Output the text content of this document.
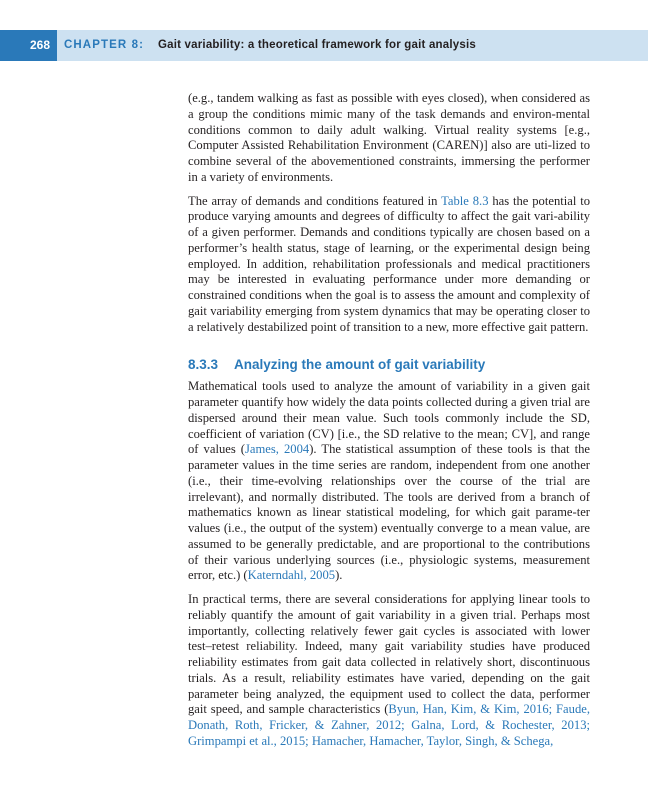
268	CHAPTER 8: Gait variability: a theoretical framework for gait analysis

(e.g., tandem walking as fast as possible with eyes closed), when considered as a group the conditions mimic many of the task demands and environ-mental conditions common to daily adult walking. Virtual reality systems [e.g., Computer Assisted Rehabilitation Environment (CAREN)] also are uti-lized to combine several of the abovementioned constraints, immersing the performer in a variety of environments.

The array of demands and conditions featured in Table 8.3 has the potential to produce varying amounts and degrees of difficulty to affect the gait vari-ability of a given performer. Demands and conditions typically are chosen based on a performer’s health status, stage of learning, or the experimental design being employed. In addition, rehabilitation professionals and medical practitioners may be interested in evaluating performance under more demanding or constrained conditions when the goal is to assess the amount and complexity of gait variability emerging from system dynamics that may be operating closer to a relatively destabilized point of transition to a new, more effective gait pattern.

8.3.3 Analyzing the amount of gait variability

Mathematical tools used to analyze the amount of variability in a given gait parameter quantify how widely the data points collected during a given trial are dispersed around their mean value. Such tools commonly include the SD, coefficient of variation (CV) [i.e., the SD relative to the mean; CV], and range of values (James, 2004). The statistical assumption of these tools is that the parameter values in the time series are random, independent from one another (i.e., their time-evolving relationships over the course of the trial are irrelevant), and normally distributed. The tools are derived from a branch of mathematics known as linear statistical modeling, for which gait parame-ter values (i.e., the output of the system) eventually converge to a mean value, are assumed to be generally predictable, and are proportional to the contributions of their various underlying sources (i.e., physiologic systems, measurement error, etc.) (Katerndahl, 2005).

In practical terms, there are several considerations for applying linear tools to reliably quantify the amount of gait variability in a given trial. Perhaps most importantly, collecting relatively fewer gait cycles is associated with lower test–retest reliability. Indeed, many gait variability studies have produced reliability estimates from gait data collected in relatively short, discontinuous trials. As a result, reliability estimates have varied, depending on the gait parameter being analyzed, the equipment used to collect the data, performer gait speed, and sample characteristics (Byun, Han, Kim, & Kim, 2016; Faude, Donath, Roth, Fricker, & Zahner, 2012; Galna, Lord, & Rochester, 2013; Grimpampi et al., 2015; Hamacher, Hamacher, Taylor, Singh, & Schega,
